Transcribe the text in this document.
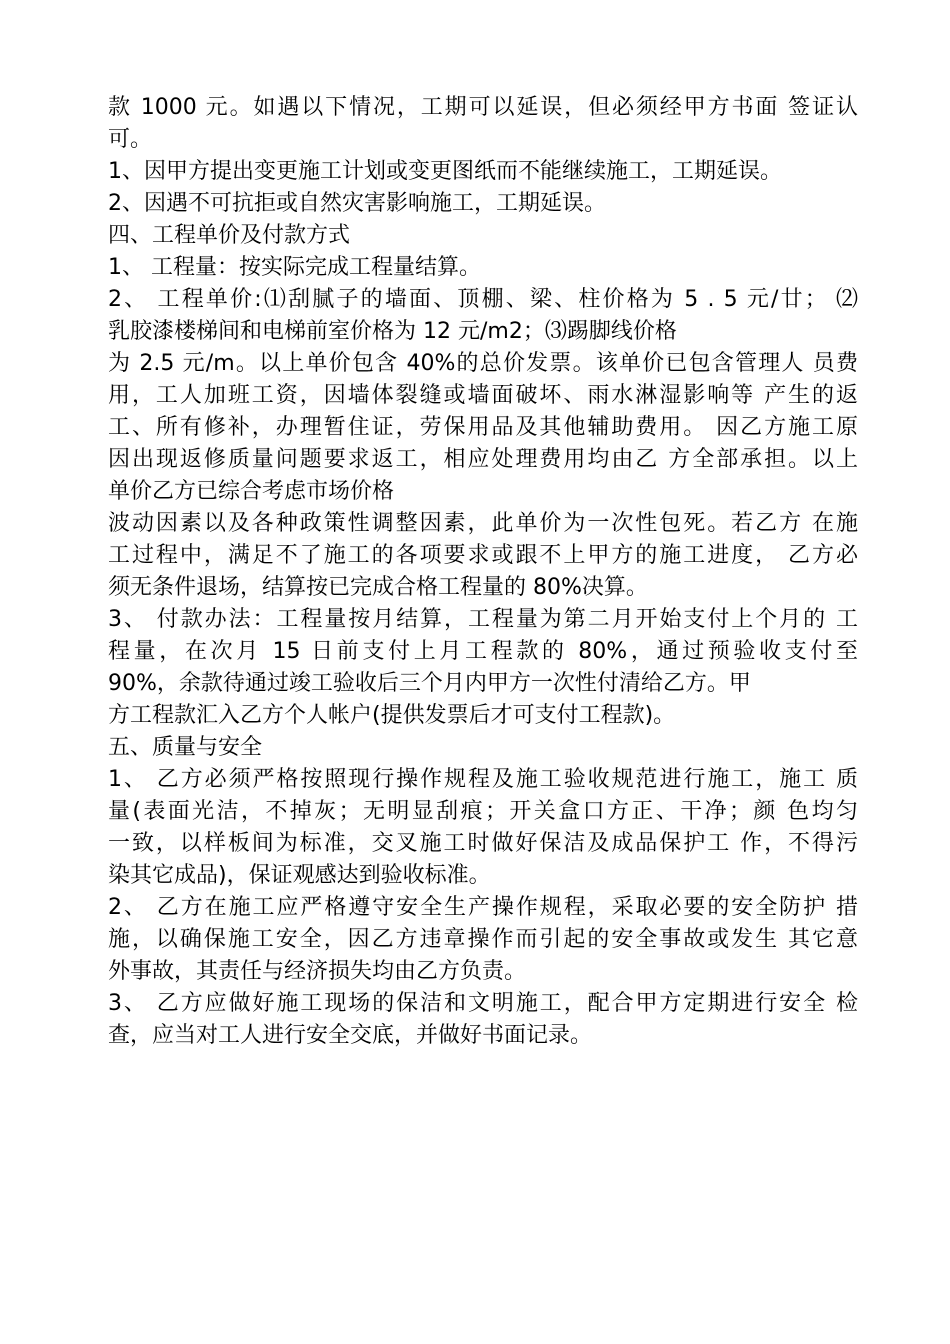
款 1000 元。如遇以下情况，工期可以延误，但必须经甲方书面 签证认
可。
1、因甲方提出变更施工计划或变更图纸而不能继续施工，工期延误。
2、因遇不可抗拒或自然灾害影响施工，工期延误。
四、工程单价及付款方式
1、 工程量：按实际完成工程量结算。
2、 工程单价:⑴刮腻子的墙面、顶棚、梁、柱价格为 5 . 5 元/廿； ⑵
乳胶漆楼梯间和电梯前室价格为 12 元/m2；⑶踢脚线价格
为 2.5 元/m。以上单价包含 40%的总价发票。该单价已包含管理人 员费
用，工人加班工资，因墙体裂缝或墙面破坏、雨水淋湿影响等 产生的返
工、所有修补，办理暂住证，劳保用品及其他辅助费用。 因乙方施工原
因出现返修质量问题要求返工，相应处理费用均由乙 方全部承担。以上
单价乙方已综合考虑市场价格
波动因素以及各种政策性调整因素，此单价为一次性包死。若乙方 在施
工过程中，满足不了施工的各项要求或跟不上甲方的施工进度， 乙方必
须无条件退场，结算按已完成合格工程量的 80%决算。
3、 付款办法：工程量按月结算，工程量为第二月开始支付上个月的 工
程量，在次月 15 日前支付上月工程款的 80%，通过预验收支付至
90%，余款待通过竣工验收后三个月内甲方一次性付清给乙方。甲
方工程款汇入乙方个人帐户(提供发票后才可支付工程款)。
五、质量与安全
1、 乙方必须严格按照现行操作规程及施工验收规范进行施工，施工 质
量(表面光洁，不掉灰；无明显刮痕；开关盒口方正、干净；颜 色均匀
一致，以样板间为标准，交叉施工时做好保洁及成品保护工 作，不得污
染其它成品)，保证观感达到验收标准。
2、 乙方在施工应严格遵守安全生产操作规程，采取必要的安全防护 措
施，以确保施工安全，因乙方违章操作而引起的安全事故或发生 其它意
外事故，其责任与经济损失均由乙方负责。
3、 乙方应做好施工现场的保洁和文明施工，配合甲方定期进行安全 检
查，应当对工人进行安全交底，并做好书面记录。
